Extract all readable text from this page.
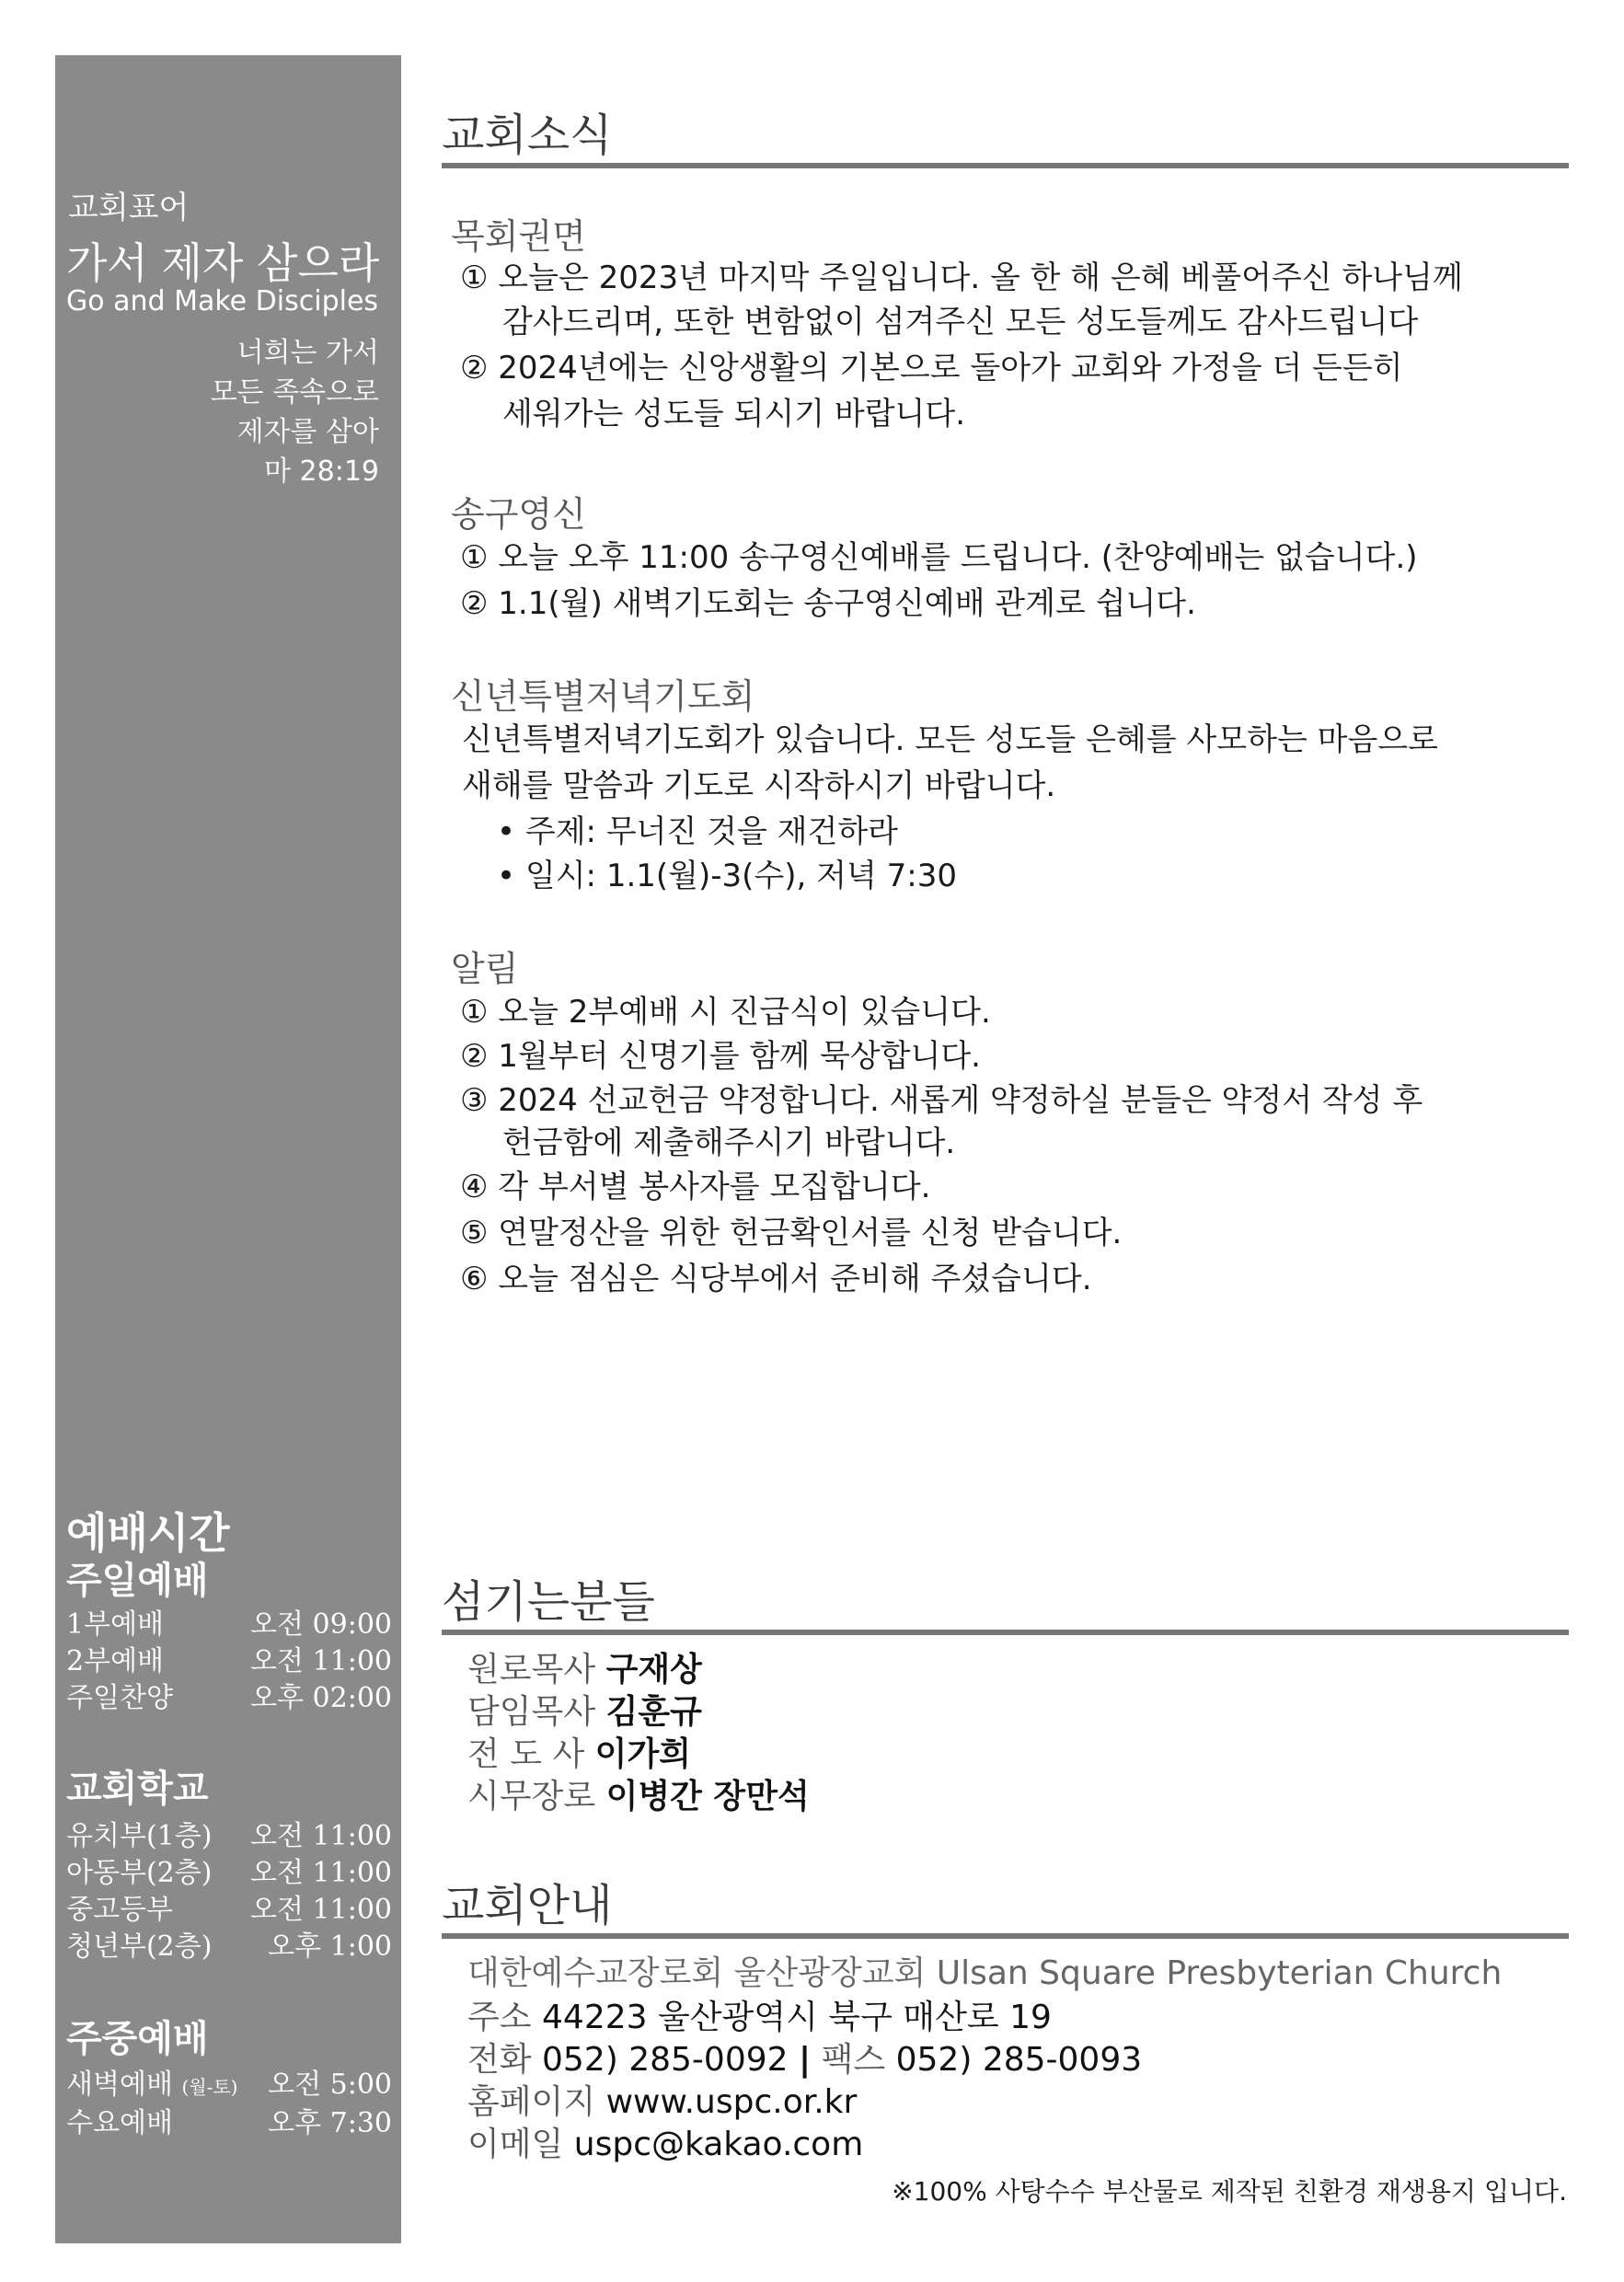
교회표어
가서 제자 삼으라
Go and Make Disciples
너희는 가서
모든 족속으로
제자를 삼아
마 28:19
예배시간
주일예배
1부예배	오전 09:00
2부예배	오전 11:00
주일찬양	오후 02:00
교회학교
유치부(1층) 오전 11:00
아동부(2층) 오전 11:00
중고등부	오전 11:00
청년부(2층) 오후 1:00
주중예배
새벽예배 (월-토) 오전 5:00
수요예배	오후 7:30
교회소식
목회권면
① 오늘은 2023년 마지막 주일입니다. 올 한 해 은혜 베풀어주신 하나님께
감사드리며, 또한 변함없이 섬겨주신 모든 성도들께도 감사드립니다
② 2024년에는 신앙생활의 기본으로 돌아가 교회와 가정을 더 든든히
세워가는 성도들 되시기 바랍니다.
송구영신
① 오늘 오후 11:00 송구영신예배를 드립니다. (찬양예배는 없습니다.)
② 1.1(월) 새벽기도회는 송구영신예배 관계로 쉽니다.
신년특별저녁기도회
신년특별저녁기도회가 있습니다. 모든 성도들 은혜를 사모하는 마음으로
새해를 말씀과 기도로 시작하시기 바랍니다.
• 주제: 무너진 것을 재건하라
• 일시: 1.1(월)-3(수), 저녁 7:30
알림
① 오늘 2부예배 시 진급식이 있습니다.
② 1월부터 신명기를 함께 묵상합니다.
③ 2024 선교헌금 약정합니다. 새롭게 약정하실 분들은 약정서 작성 후
헌금함에 제출해주시기 바랍니다.
④ 각 부서별 봉사자를 모집합니다.
⑤ 연말정산을 위한 헌금확인서를 신청 받습니다.
⑥ 오늘 점심은 식당부에서 준비해 주셨습니다.
섬기는분들
원로목사 구재상
담임목사 김훈규
전 도 사 이가희
시무장로 이병간 장만석
교회안내
대한예수교장로회 울산광장교회 Ulsan Square Presbyterian Church
주소 44223 울산광역시 북구 매산로 19
전화 052) 285-0092 | 팩스 052) 285-0093
홈페이지 www.uspc.or.kr
이메일 uspc@kakao.com
※100% 사탕수수 부산물로 제작된 친환경 재생용지 입니다.
